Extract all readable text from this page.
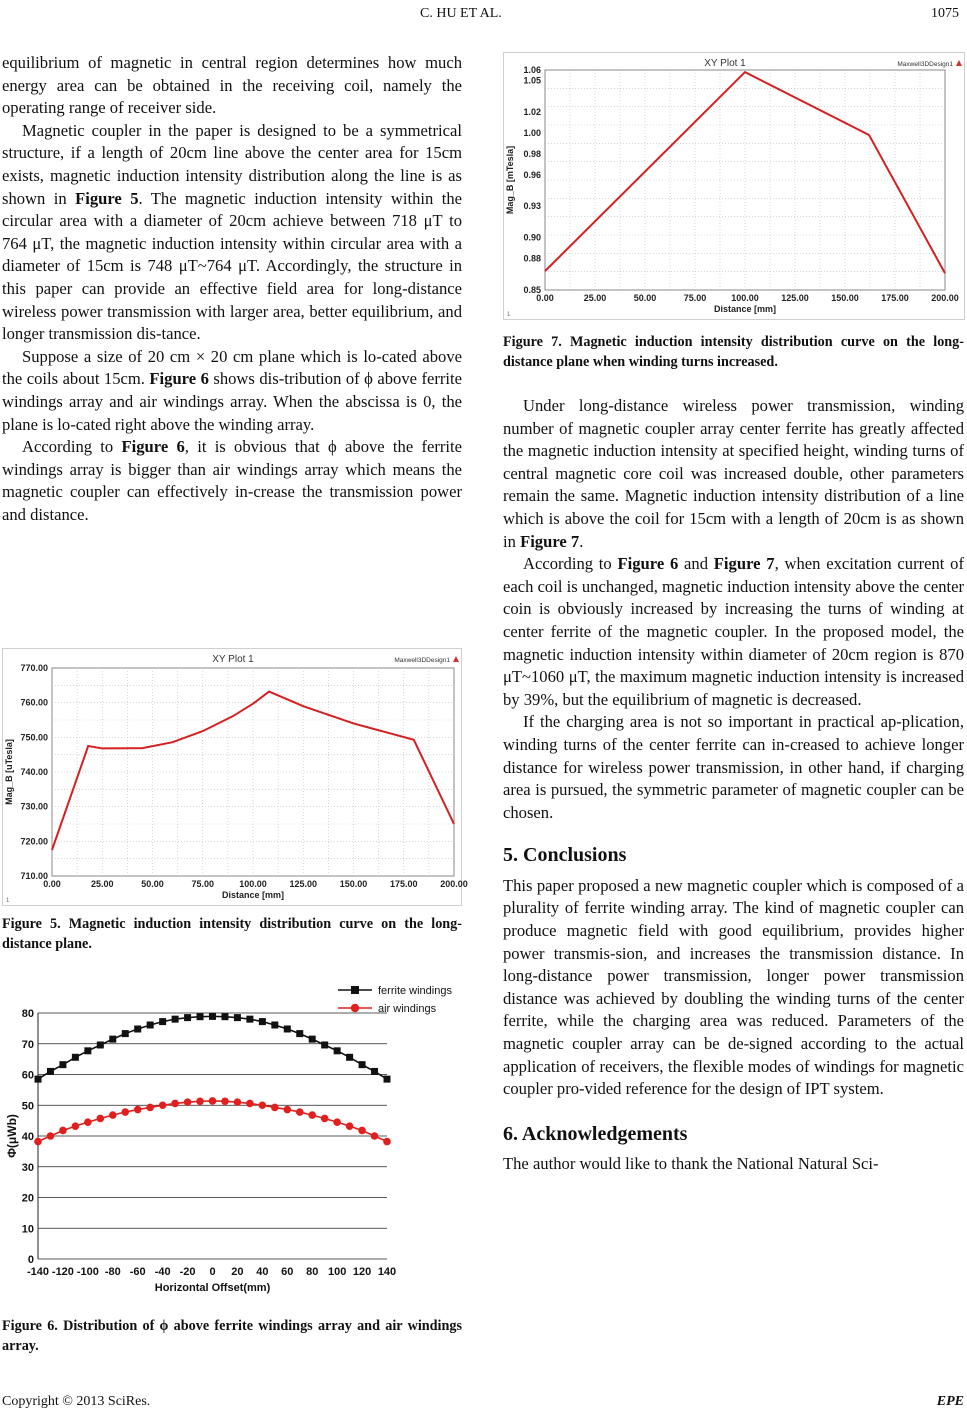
C. HU ET AL.	1075

equilibrium of magnetic in central region determines how much energy area can be obtained in the receiving coil, namely the operating range of receiver side.

Magnetic coupler in the paper is designed to be a symmetrical structure, if a length of 20cm line above the center area for 15cm exists, magnetic induction intensity distribution along the line is as shown in Figure 5. The magnetic induction intensity within the circular area with a diameter of 20cm achieve between 718 μT to 764 μT, the magnetic induction intensity within circular area with a diameter of 15cm is 748 μT~764 μT. Accordingly, the structure in this paper can provide an effective field area for long-distance wireless power transmission with larger area, better equilibrium, and longer transmission dis-tance.

Suppose a size of 20 cm × 20 cm plane which is lo-cated above the coils about 15cm. Figure 6 shows dis-tribution of ϕ above ferrite windings array and air windings array. When the abscissa is 0, the plane is lo-cated right above the winding array.

According to Figure 6, it is obvious that ϕ above the ferrite windings array is bigger than air windings array which means the magnetic coupler can effectively in-crease the transmission power and distance.

0.00	25.00	50.00	75.00	100.00	125.00	150.00	175.00	200.00
710.00
720.00
730.00
740.00
750.00
760.00
770.00
Distance [mm]
Mag_B [uTesla]
XY Plot 1	Maxwell3DDesign1
1
Figure 5. Magnetic induction intensity distribution curve on the long-distance plane.
0
10
20
30
40
50
60
70
80
-140 -120 -100 -80 -60 -40 -20 0 20 40 60 80 100 120 140
Horizontal Offset(mm)
Φ(μWb)
ferrite windings
air windings
Figure 6. Distribution of ϕ above ferrite windings array and air windings array.
0.00	25.00	50.00	75.00	100.00 125.00 150.00 175.00 200.00
0.85
0.88
0.90
0.93
0.96
0.98
1.00
1.02
1.05
1.06
Distance [mm]
Mag_B [mTesla]
XY Plot 1	Maxwell3DDesign1
1
Figure 7. Magnetic induction intensity distribution curve on the long- distance plane when winding turns increased.

Under long-distance wireless power transmission, winding number of magnetic coupler array center ferrite has greatly affected the magnetic induction intensity at specified height, winding turns of central magnetic core coil was increased double, other parameters remain the same. Magnetic induction intensity distribution of a line which is above the coil for 15cm with a length of 20cm is as shown in Figure 7.

According to Figure 6 and Figure 7, when excitation current of each coil is unchanged, magnetic induction intensity above the center coin is obviously increased by increasing the turns of winding at center ferrite of the magnetic coupler. In the proposed model, the magnetic induction intensity within diameter of 20cm region is 870 μT~1060 μT, the maximum magnetic induction intensity is increased by 39%, but the equilibrium of magnetic is decreased.

If the charging area is not so important in practical ap-plication, winding turns of the center ferrite can in-creased to achieve longer distance for wireless power transmission, in other hand, if charging area is pursued, the symmetric parameter of magnetic coupler can be chosen.

5. Conclusions

This paper proposed a new magnetic coupler which is composed of a plurality of ferrite winding array. The kind of magnetic coupler can produce magnetic field with good equilibrium, provides higher power transmis-sion, and increases the transmission distance. In long-distance power transmission, longer power transmission distance was achieved by doubling the winding turns of the center ferrite, while the charging area was reduced. Parameters of the magnetic coupler array can be de-signed according to the actual application of receivers, the flexible modes of windings for magnetic coupler pro-vided reference for the design of IPT system.

6. Acknowledgements

The author would like to thank the National Natural Sci-

Copyright © 2013 SciRes.	EPE
